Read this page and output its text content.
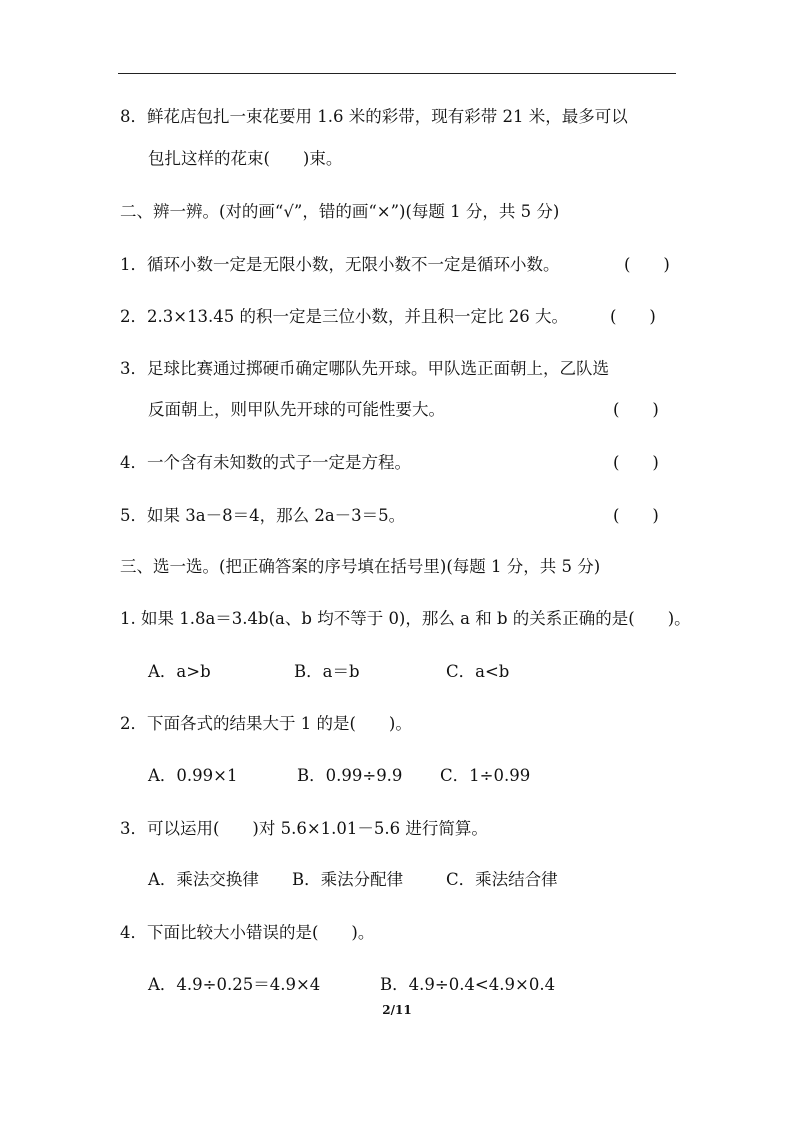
8．鲜花店包扎一束花要用 1.6 米的彩带，现有彩带 21 米，最多可以
包扎这样的花束(　　)束。
二、辨一辨。(对的画“√”，错的画“×”)(每题 1 分，共 5 分)
1．循环小数一定是无限小数，无限小数不一定是循环小数。	(　　)
2．2.3×13.45 的积一定是三位小数，并且积一定比 26 大。	(　　)
3．足球比赛通过掷硬币确定哪队先开球。甲队选正面朝上，乙队选
反面朝上，则甲队先开球的可能性要大。	(　　)
4．一个含有未知数的式子一定是方程。	(　　)
5．如果 3a－8＝4，那么 2a－3＝5。	(　　)
三、选一选。(把正确答案的序号填在括号里)(每题 1 分，共 5 分)
1. 如果 1.8a＝3.4b(a、b 均不等于 0)，那么 a 和 b 的关系正确的是(　　)。
A．a>b	B．a＝b	C．a<b
2．下面各式的结果大于 1 的是(　　)。
A．0.99×1	B．0.99÷9.9 C．1÷0.99
3．可以运用(　　)对 5.6×1.01－5.6 进行简算。
A．乘法交换律 B．乘法分配律	C．乘法结合律
4．下面比较大小错误的是(　　)。
A．4.9÷0.25＝4.9×4	B．4.9÷0.4<4.9×0.4
2/11
